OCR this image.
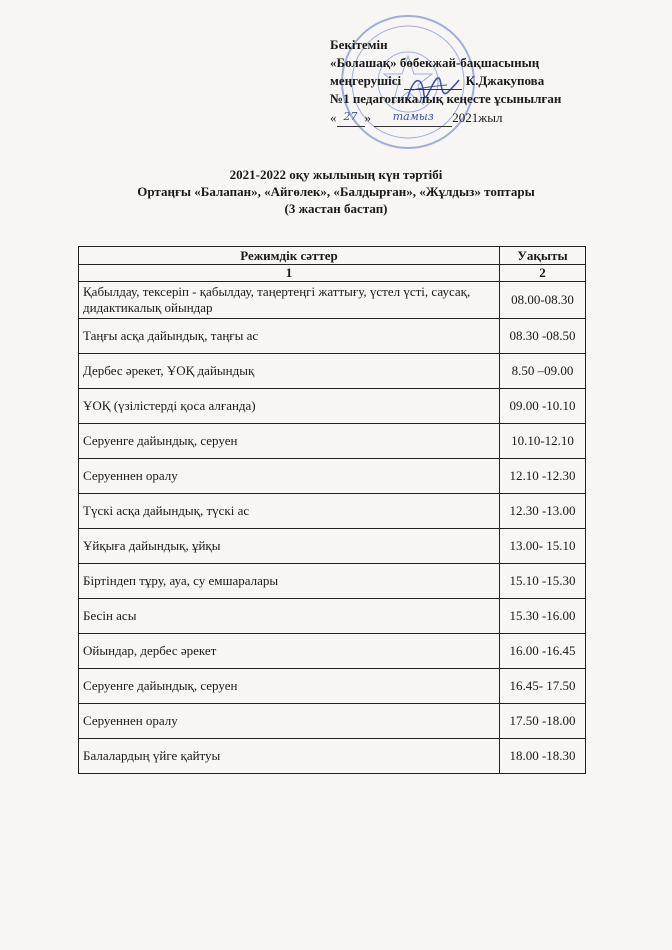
Бекітемін
«Болашақ» бөбекжай-бақшасының
меңгерушісі	К.Джакупова
№1 педагогикалық кеңесте ұсынылған
« 27 » тамыз 2021жыл
2021-2022 оқу жылының күн тәртібі
Ортаңғы «Балапан», «Айгөлек», «Балдырған», «Жұлдыз» топтары
(3 жастан бастап)
Режимдік сәттер	Уақыты
1	2
Қабылдау, тексеріп - қабылдау, таңертеңгі жаттығу, үстел үсті, саусақ, дидактикалық ойындар	08.00-08.30
Таңғы асқа дайындық, таңғы ас	08.30 -08.50
Дербес әрекет, ҰОҚ дайындық	8.50 –09.00
ҰОҚ (үзілістерді қоса алғанда)	09.00 -10.10
Серуенге дайындық, серуен	10.10-12.10
Серуеннен оралу	12.10 -12.30
Түскі асқа дайындық, түскі ас	12.30 -13.00
Ұйқыға дайындық, ұйқы	13.00- 15.10
Біртіндеп тұру, ауа, су емшаралары	15.10 -15.30
Бесін асы	15.30 -16.00
Ойындар, дербес әрекет	16.00 -16.45
Серуенге дайындық, серуен	16.45- 17.50
Серуеннен оралу	17.50 -18.00
Балалардың үйге қайтуы	18.00 -18.30
